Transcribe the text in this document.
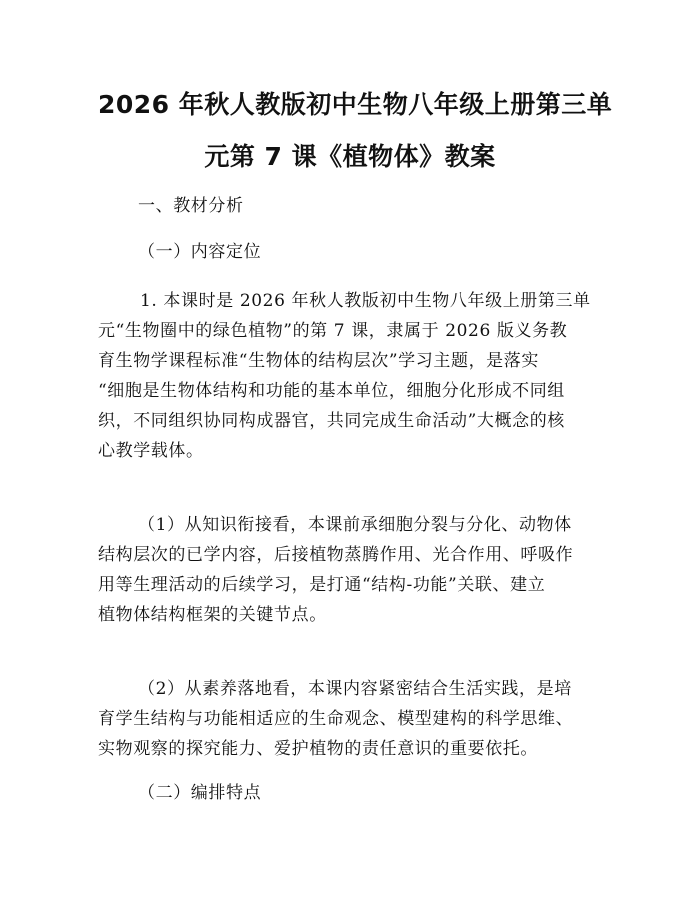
2026 年秋人教版初中生物八年级上册第三单
元第 7 课《植物体》教案

一、教材分析

（一）内容定位

1. 本课时是 2026 年秋人教版初中生物八年级上册第三单
元“生物圈中的绿色植物”的第 7 课，隶属于 2026 版义务教
育生物学课程标准“生物体的结构层次”学习主题，是落实
“细胞是生物体结构和功能的基本单位，细胞分化形成不同组
织，不同组织协同构成器官，共同完成生命活动”大概念的核
心教学载体。
（1）从知识衔接看，本课前承细胞分裂与分化、动物体
结构层次的已学内容，后接植物蒸腾作用、光合作用、呼吸作
用等生理活动的后续学习，是打通“结构-功能”关联、建立
植物体结构框架的关键节点。
（2）从素养落地看，本课内容紧密结合生活实践，是培
育学生结构与功能相适应的生命观念、模型建构的科学思维、
实物观察的探究能力、爱护植物的责任意识的重要依托。

（二）编排特点
